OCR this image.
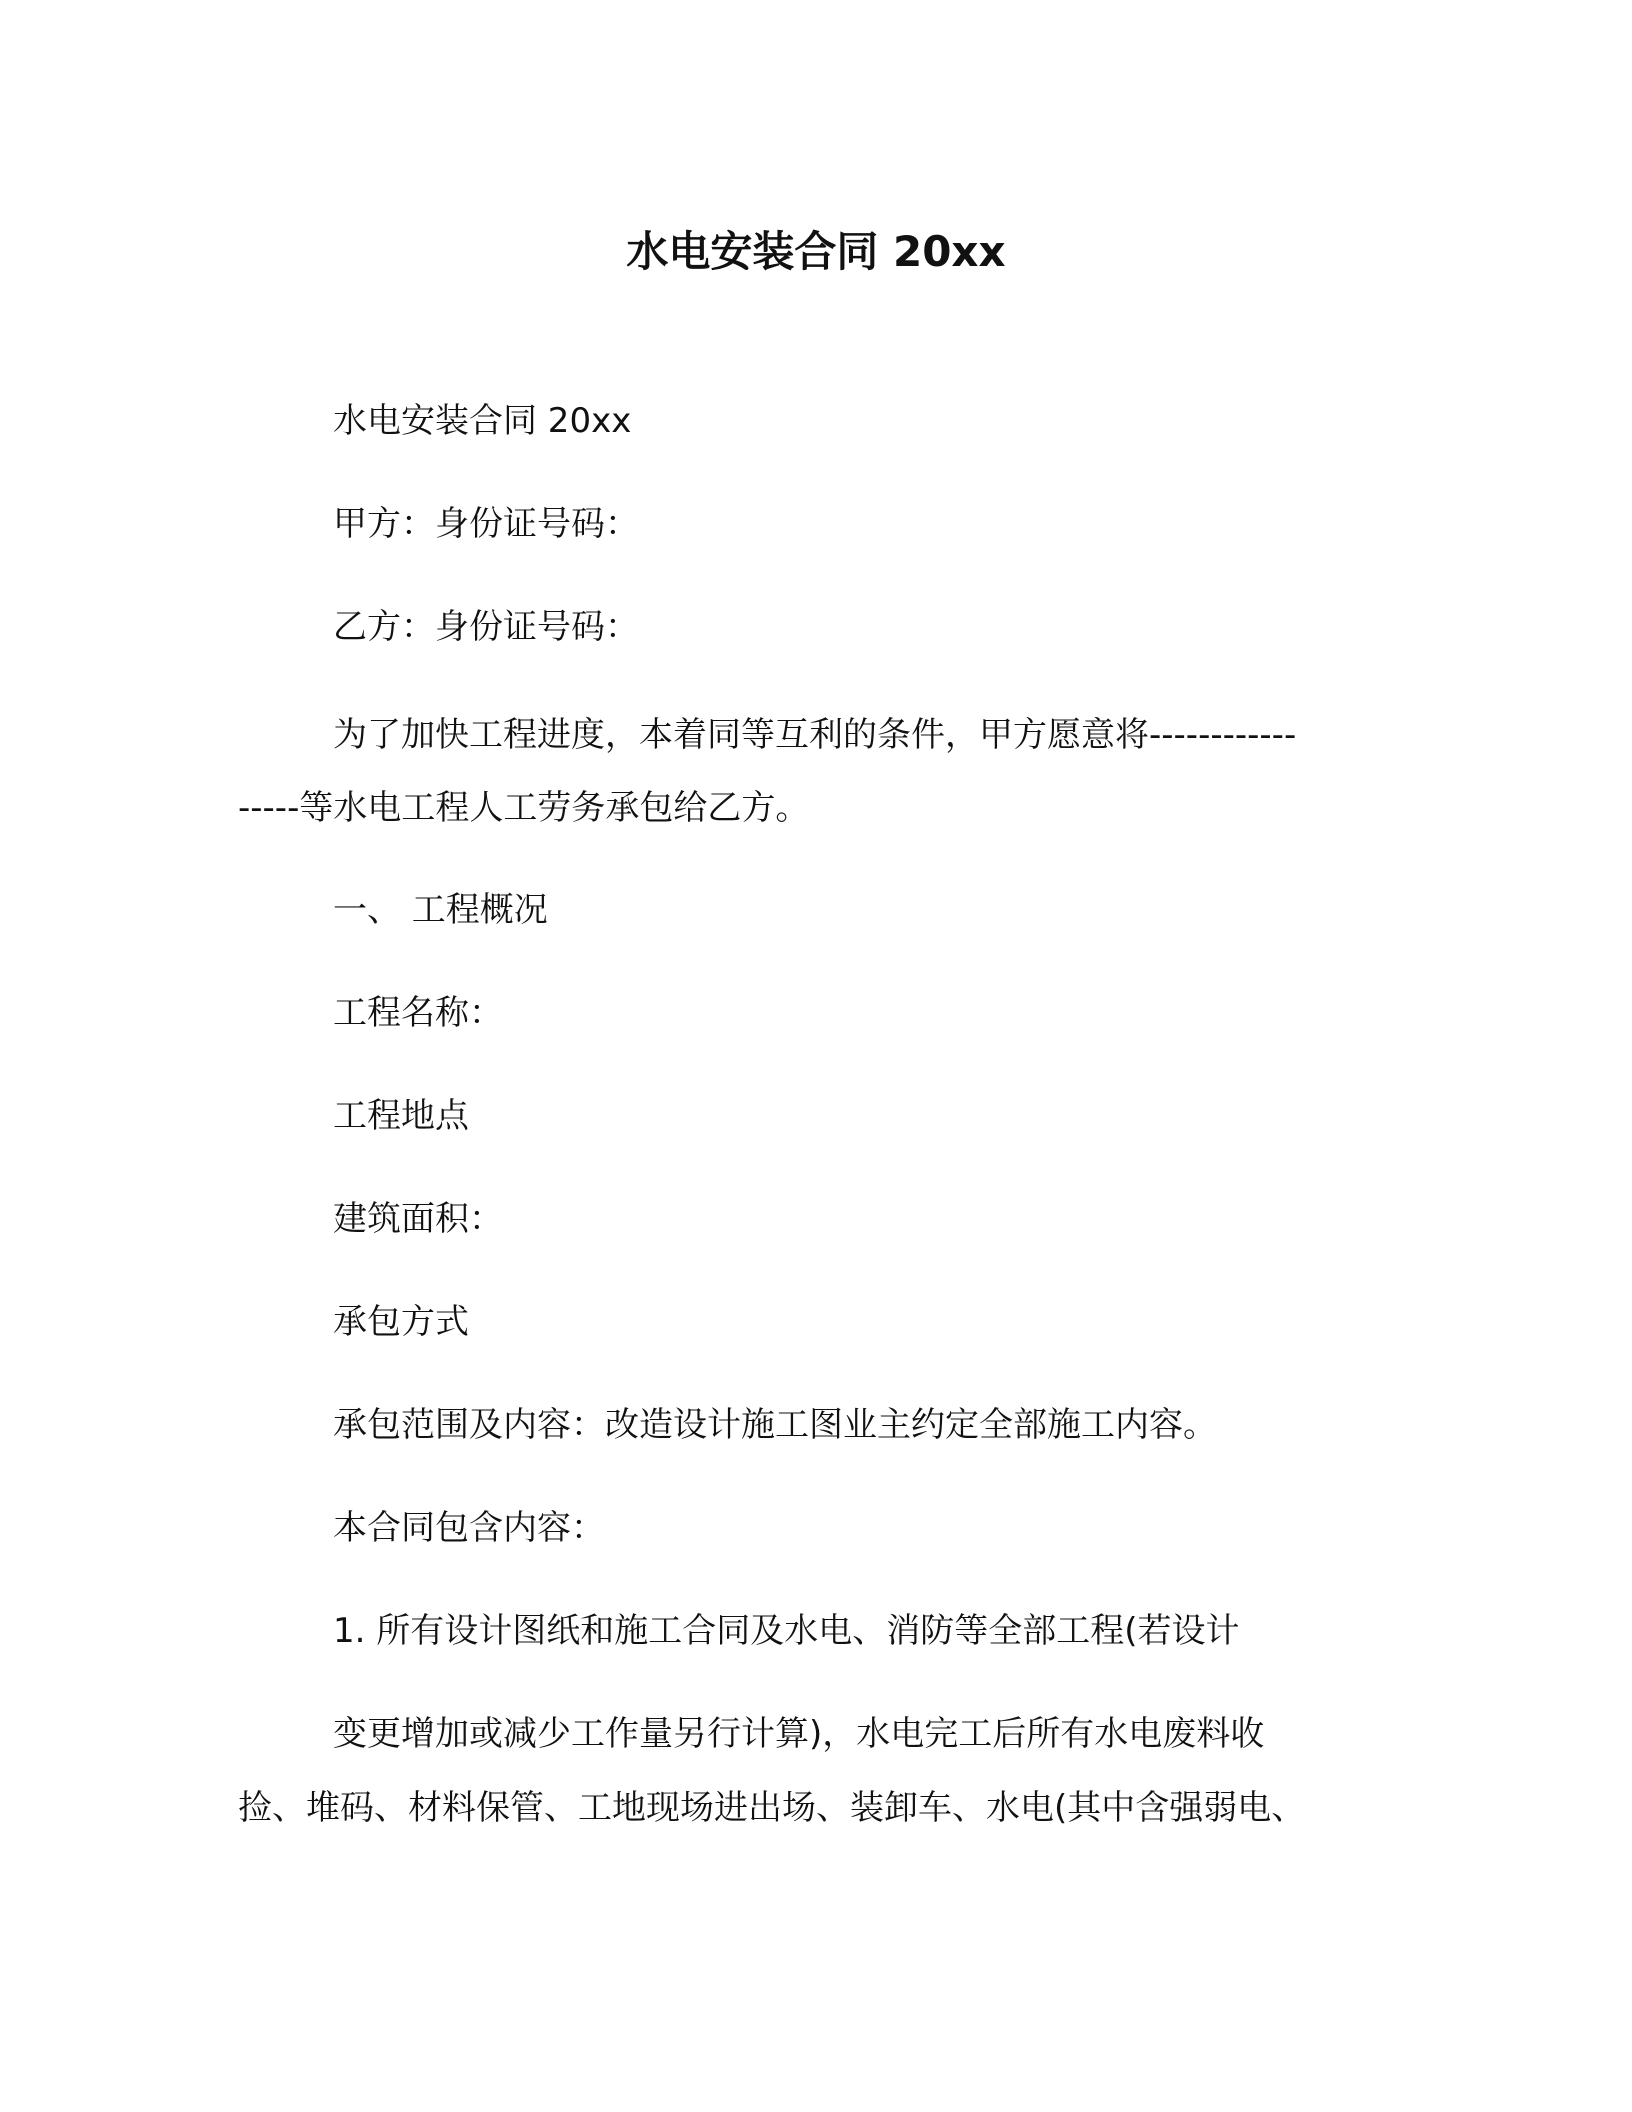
水电安装合同 20xx
水电安装合同 20xx
甲方：身份证号码：
乙方：身份证号码：
为了加快工程进度，本着同等互利的条件，甲方愿意将------------
-----等水电工程人工劳务承包给乙方。
一、 工程概况
工程名称：
工程地点
建筑面积：
承包方式
承包范围及内容：改造设计施工图业主约定全部施工内容。
本合同包含内容：
1. 所有设计图纸和施工合同及水电、消防等全部工程(若设计
变更增加或减少工作量另行计算)，水电完工后所有水电废料收
捡、堆码、材料保管、工地现场进出场、装卸车、水电(其中含强弱电、
